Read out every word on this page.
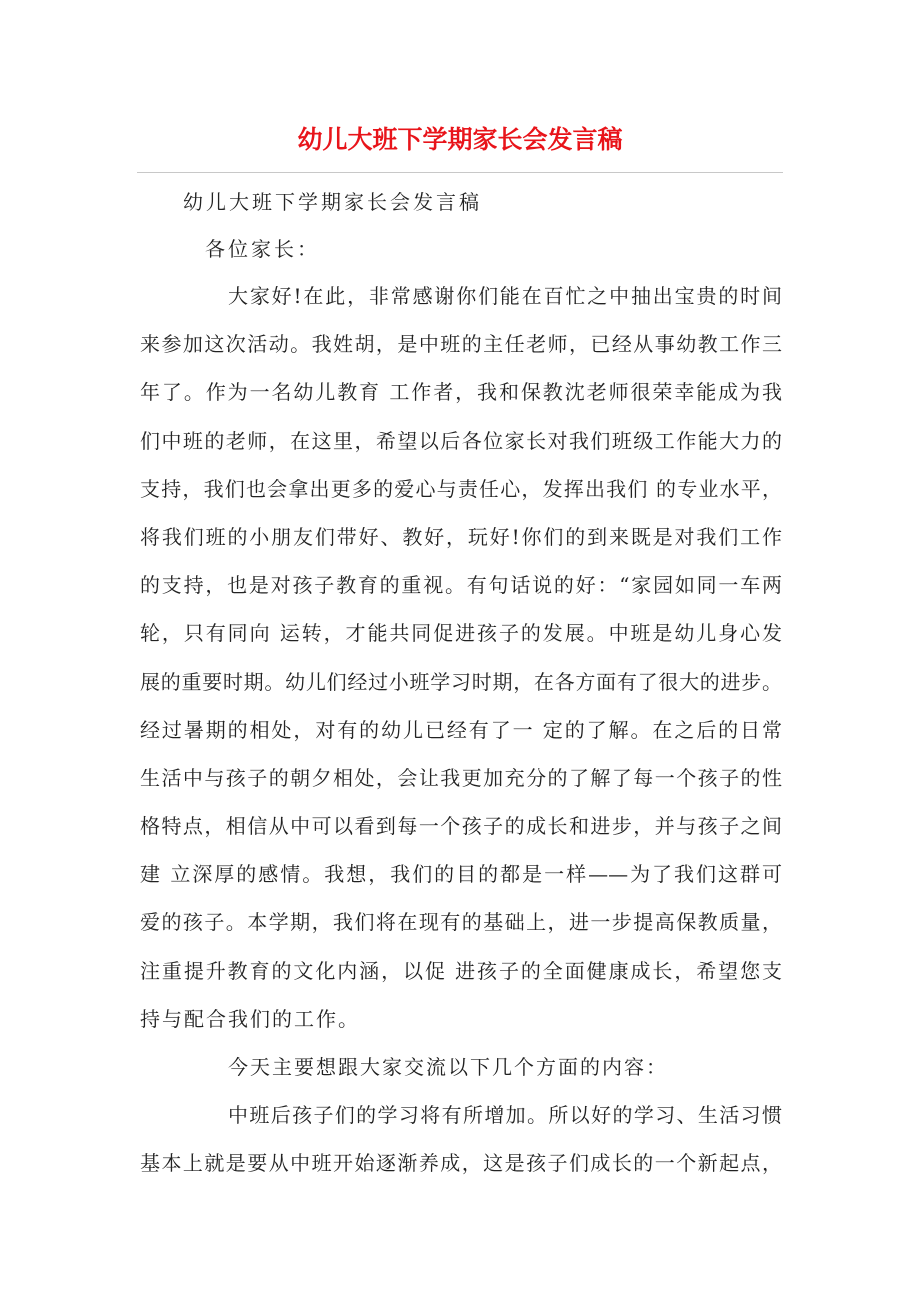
幼儿大班下学期家长会发言稿
幼儿大班下学期家长会发言稿
各位家长：
大家好!在此，非常感谢你们能在百忙之中抽出宝贵的时间
来参加这次活动。我姓胡，是中班的主任老师，已经从事幼教工作三
年了。作为一名幼儿教育 工作者，我和保教沈老师很荣幸能成为我
们中班的老师，在这里，希望以后各位家长对我们班级工作能大力的
支持，我们也会拿出更多的爱心与责任心，发挥出我们 的专业水平，
将我们班的小朋友们带好、教好，玩好!你们的到来既是对我们工作
的支持，也是对孩子教育的重视。有句话说的好：“家园如同一车两
轮，只有同向 运转，才能共同促进孩子的发展。中班是幼儿身心发
展的重要时期。幼儿们经过小班学习时期，在各方面有了很大的进步。
经过暑期的相处，对有的幼儿已经有了一 定的了解。在之后的日常
生活中与孩子的朝夕相处，会让我更加充分的了解了每一个孩子的性
格特点，相信从中可以看到每一个孩子的成长和进步，并与孩子之间
建 立深厚的感情。我想，我们的目的都是一样——为了我们这群可
爱的孩子。本学期，我们将在现有的基础上，进一步提高保教质量，
注重提升教育的文化内涵，以促 进孩子的全面健康成长，希望您支
持与配合我们的工作。
今天主要想跟大家交流以下几个方面的内容：
中班后孩子们的学习将有所增加。所以好的学习、生活习惯
基本上就是要从中班开始逐渐养成，这是孩子们成长的一个新起点，
